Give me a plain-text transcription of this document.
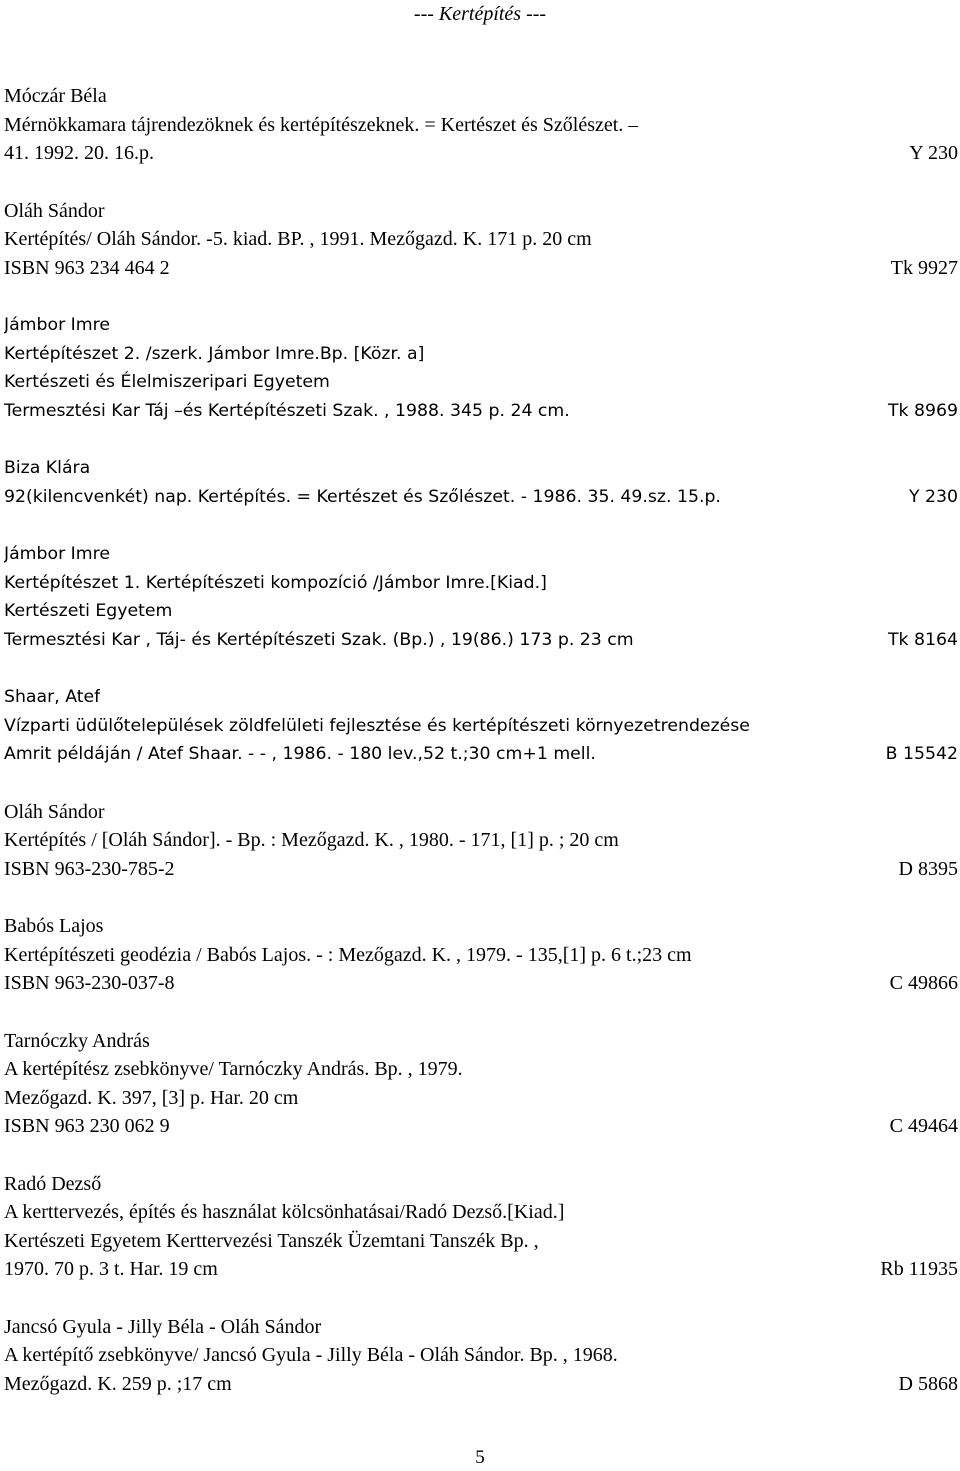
--- Kertépítés ---
Móczár Béla
Mérnökkamara tájrendezöknek és kertépítészeknek. = Kertészet és Szőlészet. –
41. 1992. 20. 16.p.	Y 230
Oláh Sándor
Kertépítés/ Oláh Sándor. -5. kiad. BP. , 1991. Mezőgazd. K. 171 p. 20 cm
ISBN 963 234 464 2	Tk 9927
Jámbor Imre
Kertépítészet 2. /szerk. Jámbor Imre.Bp. [Közr. a]
Kertészeti és Élelmiszeripari Egyetem
Termesztési Kar Táj –és Kertépítészeti Szak. , 1988. 345 p. 24 cm.	Tk 8969
Biza Klára
92(kilencvenkét) nap. Kertépítés. = Kertészet és Szőlészet. - 1986. 35. 49.sz. 15.p.	Y 230
Jámbor Imre
Kertépítészet 1. Kertépítészeti kompozíció /Jámbor Imre.[Kiad.]
Kertészeti Egyetem
Termesztési Kar , Táj- és Kertépítészeti Szak. (Bp.) , 19(86.) 173 p. 23 cm	Tk 8164
Shaar, Atef
Vízparti üdülőtelepülések zöldfelületi fejlesztése és kertépítészeti környezetrendezése
Amrit példáján / Atef Shaar. - - , 1986. - 180 lev.,52 t.;30 cm+1 mell.	B 15542
Oláh Sándor
Kertépítés / [Oláh Sándor]. - Bp. : Mezőgazd. K. , 1980. - 171, [1] p. ; 20 cm
ISBN 963-230-785-2	D 8395
Babós Lajos
Kertépítészeti geodézia / Babós Lajos. - : Mezőgazd. K. , 1979. - 135,[1] p. 6 t.;23 cm
ISBN 963-230-037-8	C 49866
Tarnóczky András
A kertépítész zsebkönyve/ Tarnóczky András. Bp. , 1979.
Mezőgazd. K. 397, [3] p. Har. 20 cm
ISBN 963 230 062 9	C 49464
Radó Dezső
A kerttervezés, építés és használat kölcsönhatásai/Radó Dezső.[Kiad.]
Kertészeti Egyetem Kerttervezési Tanszék Üzemtani Tanszék Bp. ,
1970. 70 p. 3 t. Har. 19 cm	Rb 11935
Jancsó Gyula - Jilly Béla - Oláh Sándor
A kertépítő zsebkönyve/ Jancsó Gyula - Jilly Béla - Oláh Sándor. Bp. , 1968.
Mezőgazd. K. 259 p. ;17 cm	D 5868
5
